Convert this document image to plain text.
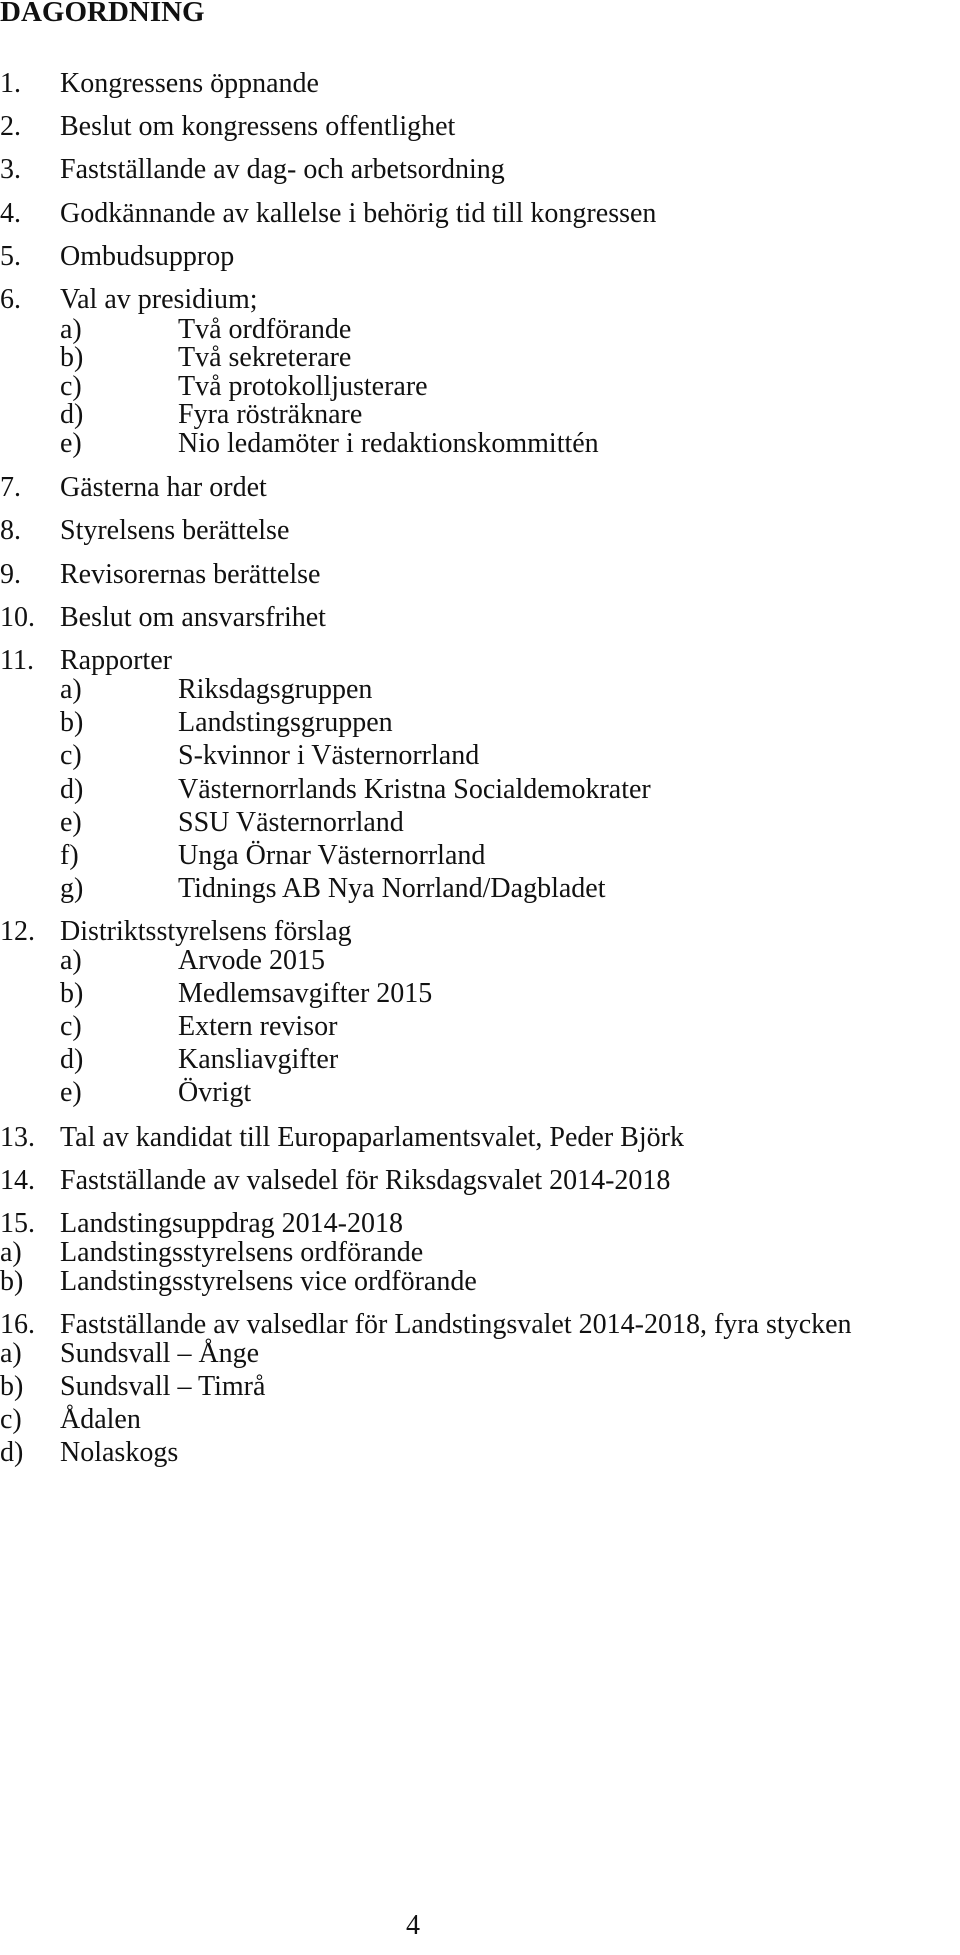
DAGORDNING
1. Kongressens öppnande
2. Beslut om kongressens offentlighet
3. Fastställande av dag- och arbetsordning
4. Godkännande av kallelse i behörig tid till kongressen
5. Ombudsupprop
6. Val av presidium;
a)	Två ordförande
b)	Två sekreterare
c)	Två protokolljusterare
d)	Fyra rösträknare
e)	Nio ledamöter i redaktionskommittén
7. Gästerna har ordet
8. Styrelsens berättelse
9. Revisorernas berättelse
10. Beslut om ansvarsfrihet
11. Rapporter
a)	Riksdagsgruppen
b)	Landstingsgruppen
c)	S-kvinnor i Västernorrland
d)	Västernorrlands Kristna Socialdemokrater
e)	SSU Västernorrland
f)	Unga Örnar Västernorrland
g)	Tidnings AB Nya Norrland/Dagbladet
12. Distriktsstyrelsens förslag
a)	Arvode 2015
b)	Medlemsavgifter 2015
c)	Extern revisor
d)	Kansliavgifter
e)	Övrigt
13. Tal av kandidat till Europaparlamentsvalet, Peder Björk
14. Fastställande av valsedel för Riksdagsvalet 2014-2018
15. Landstingsuppdrag 2014-2018
a) Landstingsstyrelsens ordförande
b) Landstingsstyrelsens vice ordförande
16. Fastställande av valsedlar för Landstingsvalet 2014-2018, fyra stycken
a) Sundsvall – Ånge
b) Sundsvall – Timrå
c) Ådalen
d) Nolaskogs
4
